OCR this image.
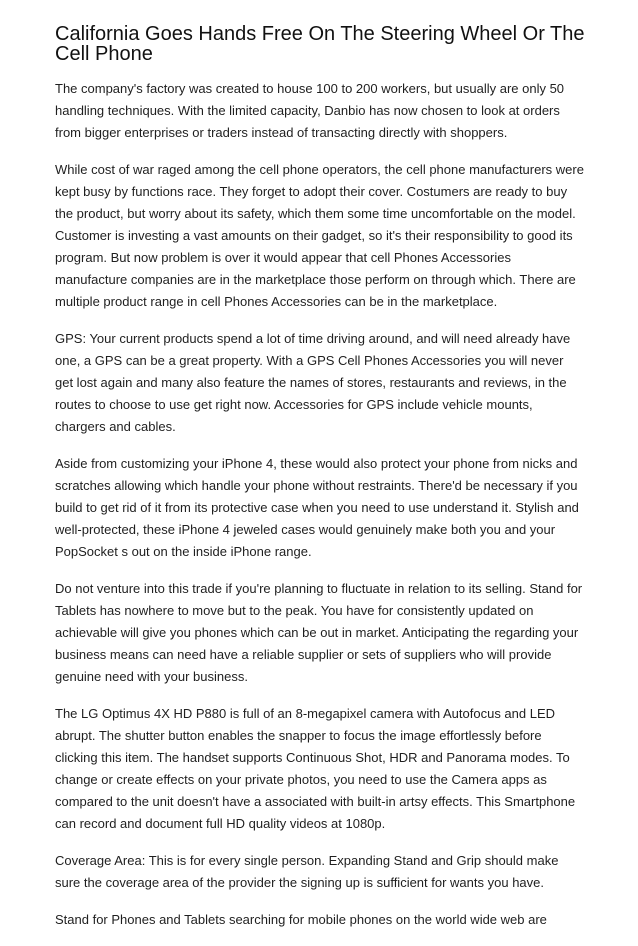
California Goes Hands Free On The Steering Wheel Or The Cell Phone

The company's factory was created to house 100 to 200 workers, but usually are only 50 handling techniques. With the limited capacity, Danbio has now chosen to look at orders from bigger enterprises or traders instead of transacting directly with shoppers.

While cost of war raged among the cell phone operators, the cell phone manufacturers were kept busy by functions race. They forget to adopt their cover. Costumers are ready to buy the product, but worry about its safety, which them some time uncomfortable on the model. Customer is investing a vast amounts on their gadget, so it's their responsibility to good its program. But now problem is over it would appear that cell Phones Accessories manufacture companies are in the marketplace those perform on through which. There are multiple product range in cell Phones Accessories can be in the marketplace.

GPS: Your current products spend a lot of time driving around, and will need already have one, a GPS can be a great property. With a GPS Cell Phones Accessories you will never get lost again and many also feature the names of stores, restaurants and reviews, in the routes to choose to use get right now. Accessories for GPS include vehicle mounts, chargers and cables.

Aside from customizing your iPhone 4, these would also protect your phone from nicks and scratches allowing which handle your phone without restraints. There'd be necessary if you build to get rid of it from its protective case when you need to use understand it. Stylish and well-protected, these iPhone 4 jeweled cases would genuinely make both you and your PopSocket s out on the inside iPhone range.

Do not venture into this trade if you're planning to fluctuate in relation to its selling. Stand for Tablets has nowhere to move but to the peak. You have for consistently updated on achievable will give you phones which can be out in market. Anticipating the regarding your business means can need have a reliable supplier or sets of suppliers who will provide genuine need with your business.

The LG Optimus 4X HD P880 is full of an 8-megapixel camera with Autofocus and LED abrupt. The shutter button enables the snapper to focus the image effortlessly before clicking this item. The handset supports Continuous Shot, HDR and Panorama modes. To change or create effects on your private photos, you need to use the Camera apps as compared to the unit doesn't have a associated with built-in artsy effects. This Smartphone can record and document full HD quality videos at 1080p.

Coverage Area: This is for every single person. Expanding Stand and Grip should make sure the coverage area of the provider the signing up is sufficient for wants you have.

Stand for Phones and Tablets searching for mobile phones on the world wide web are
